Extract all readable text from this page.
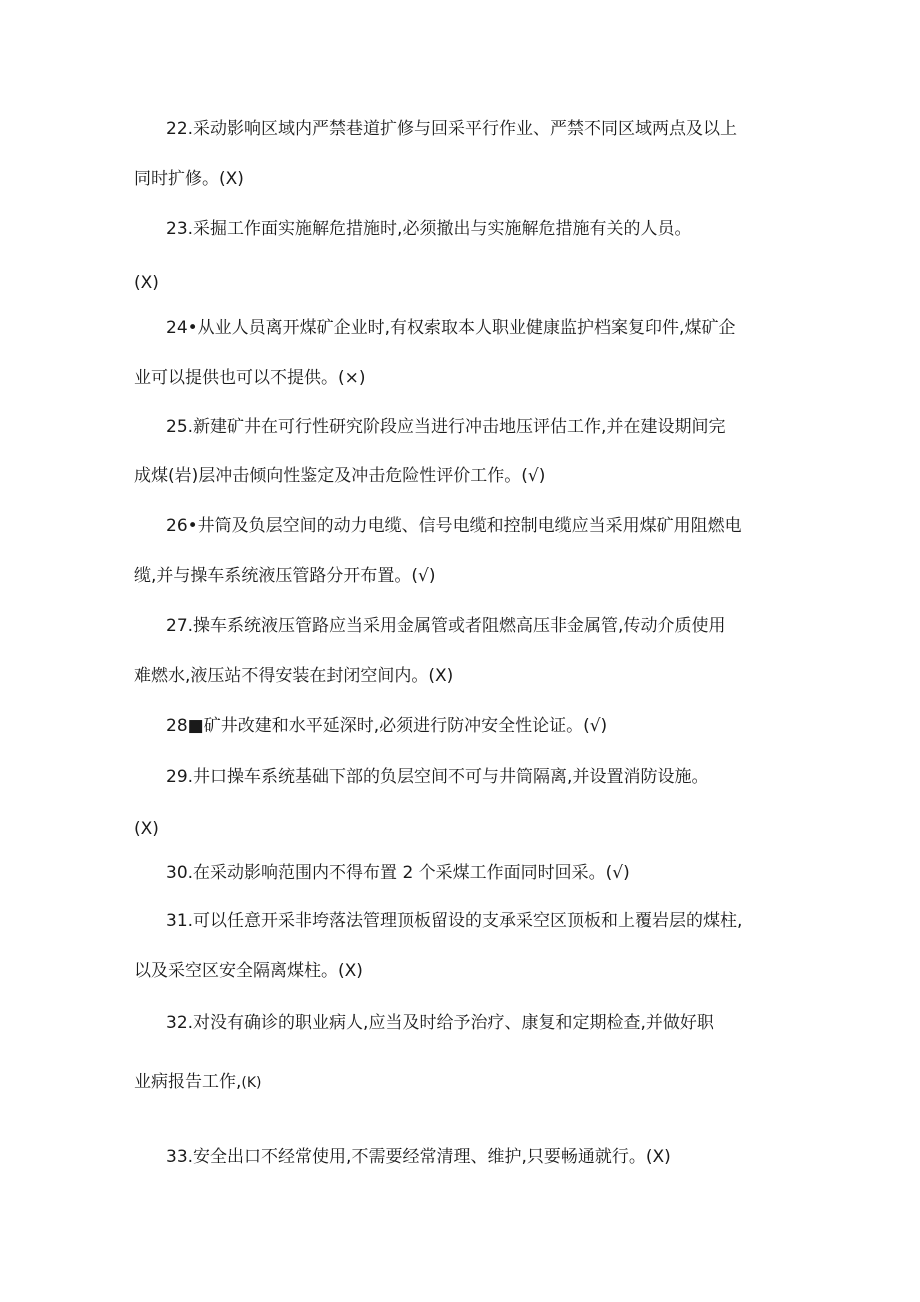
22.采动影响区域内严禁巷道扩修与回采平行作业、严禁不同区域两点及以上
同时扩修。(X)
23.采掘工作面实施解危措施时,必须撤出与实施解危措施有关的人员。
(X)
24•从业人员离开煤矿企业时,有权索取本人职业健康监护档案复印件,煤矿企
业可以提供也可以不提供。(×)
25.新建矿井在可行性研究阶段应当进行冲击地压评估工作,并在建设期间完
成煤(岩)层冲击倾向性鉴定及冲击危险性评价工作。(√)
26•井筒及负层空间的动力电缆、信号电缆和控制电缆应当采用煤矿用阻燃电
缆,并与操车系统液压管路分开布置。(√)
27.操车系统液压管路应当采用金属管或者阻燃高压非金属管,传动介质使用
难燃水,液压站不得安装在封闭空间内。(X)
28■矿井改建和水平延深时,必须进行防冲安全性论证。(√)
29.井口操车系统基础下部的负层空间不可与井筒隔离,并设置消防设施。
(X)
30.在采动影响范围内不得布置 2 个采煤工作面同时回采。(√)
31.可以任意开采非垮落法管理顶板留设的支承采空区顶板和上覆岩层的煤柱,
以及采空区安全隔离煤柱。(X)
32.对没有确诊的职业病人,应当及时给予治疗、康复和定期检查,并做好职
业病报告工作,(K)
33.安全出口不经常使用,不需要经常清理、维护,只要畅通就行。(X)
